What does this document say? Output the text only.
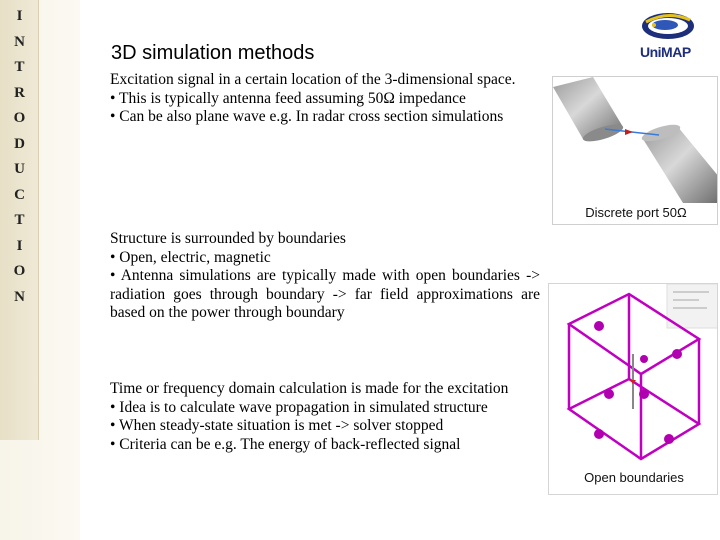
I
N
T
R
O
D
U
C
T
I
O
N
3D simulation methods	UniMAP

Excitation signal in a certain location of the 3-dimensional space.

• This is typically antenna feed assuming 50Ω impedance

• Can be also plane wave e.g. In radar cross section simulations

Structure is surrounded by boundaries

• Open, electric, magnetic

• Antenna simulations are typically made with open boundaries -> radiation goes through boundary -> far field approximations are based on the power through boundary

Time or frequency domain calculation is made for the excitation

• Idea is to calculate wave propagation in simulated structure

• When steady-state situation is met -> solver stopped

• Criteria can be e.g. The energy of back-reflected signal

Discrete port 50Ω
Open boundaries
